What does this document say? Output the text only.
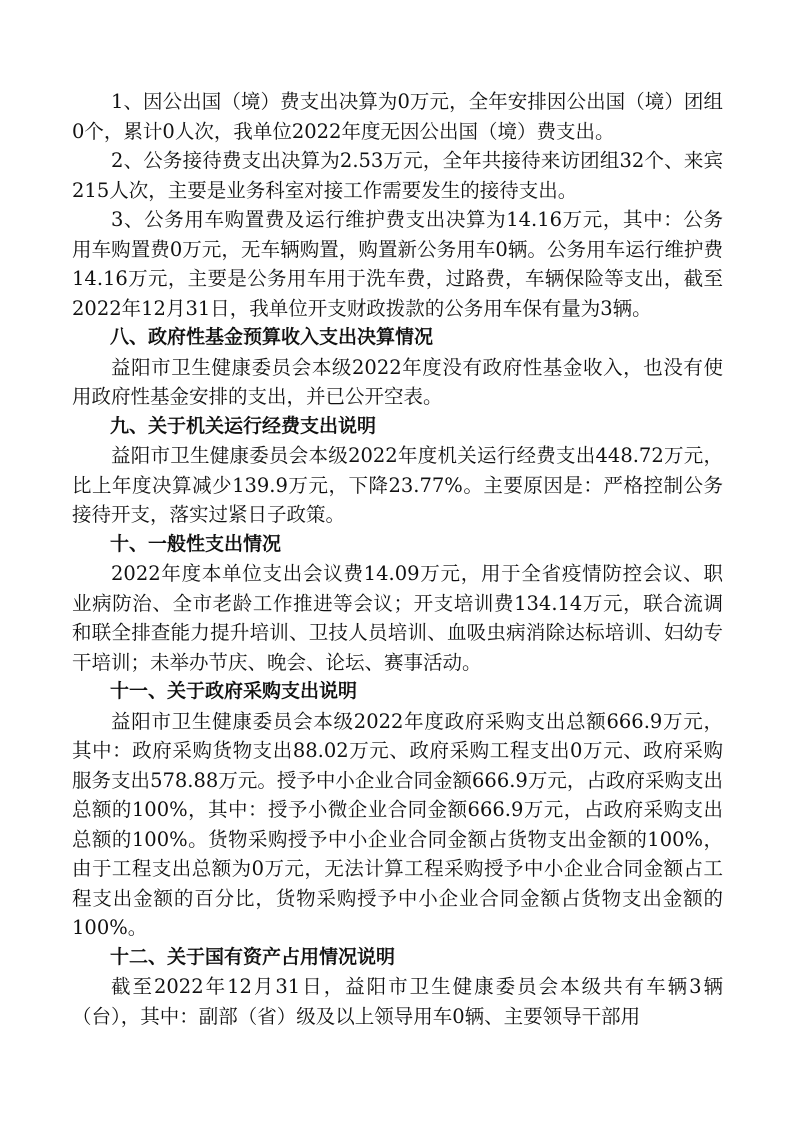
1、因公出国（境）费支出决算为0万元，全年安排因公出国（境）团组0个，累计0人次，我单位2022年度无因公出国（境）费支出。

2、公务接待费支出决算为2.53万元，全年共接待来访团组32个、来宾215人次，主要是业务科室对接工作需要发生的接待支出。

3、公务用车购置费及运行维护费支出决算为14.16万元，其中：公务用车购置费0万元，无车辆购置，购置新公务用车0辆。公务用车运行维护费14.16万元，主要是公务用车用于洗车费，过路费，车辆保险等支出，截至2022年12月31日，我单位开支财政拨款的公务用车保有量为3辆。

八、政府性基金预算收入支出决算情况

益阳市卫生健康委员会本级2022年度没有政府性基金收入，也没有使用政府性基金安排的支出，并已公开空表。

九、关于机关运行经费支出说明

益阳市卫生健康委员会本级2022年度机关运行经费支出448.72万元，比上年度决算减少139.9万元，下降23.77%。主要原因是：严格控制公务接待开支，落实过紧日子政策。

十、一般性支出情况

2022年度本单位支出会议费14.09万元，用于全省疫情防控会议、职业病防治、全市老龄工作推进等会议；开支培训费134.14万元，联合流调和联全排查能力提升培训、卫技人员培训、血吸虫病消除达标培训、妇幼专干培训；未举办节庆、晚会、论坛、赛事活动。

十一、关于政府采购支出说明

益阳市卫生健康委员会本级2022年度政府采购支出总额666.9万元，其中：政府采购货物支出88.02万元、政府采购工程支出0万元、政府采购服务支出578.88万元。授予中小企业合同金额666.9万元，占政府采购支出总额的100%，其中：授予小微企业合同金额666.9万元，占政府采购支出总额的100%。货物采购授予中小企业合同金额占货物支出金额的100%，由于工程支出总额为0万元，无法计算工程采购授予中小企业合同金额占工程支出金额的百分比，货物采购授予中小企业合同金额占货物支出金额的100%。

十二、关于国有资产占用情况说明

截至2022年12月31日，益阳市卫生健康委员会本级共有车辆3辆（台），其中：副部（省）级及以上领导用车0辆、主要领导干部用
